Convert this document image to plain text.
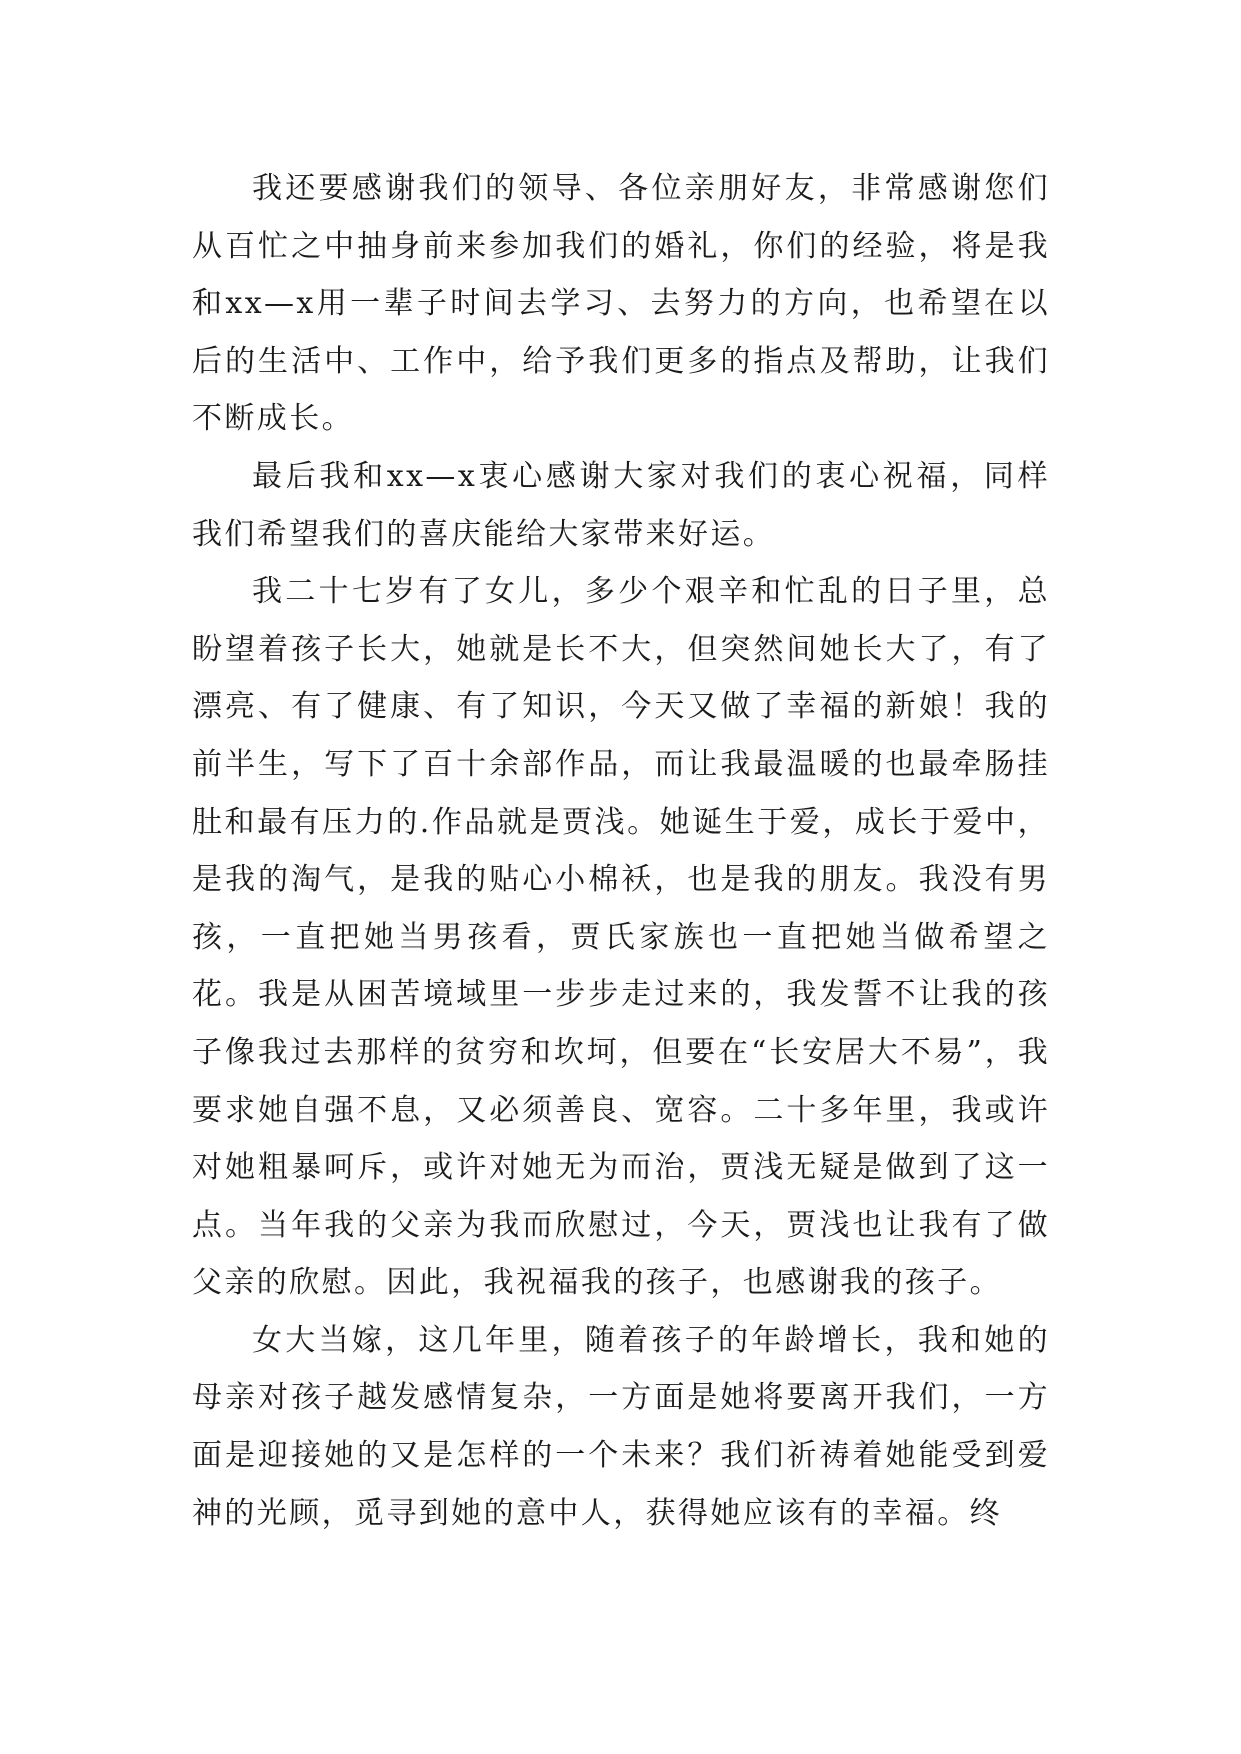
我还要感谢我们的领导、各位亲朋好友，非常感谢您们从百忙之中抽身前来参加我们的婚礼，你们的经验，将是我和xx—x用一辈子时间去学习、去努力的方向，也希望在以后的生活中、工作中，给予我们更多的指点及帮助，让我们不断成长。

最后我和xx—x衷心感谢大家对我们的衷心祝福，同样我们希望我们的喜庆能给大家带来好运。

我二十七岁有了女儿，多少个艰辛和忙乱的日子里，总盼望着孩子长大，她就是长不大，但突然间她长大了，有了漂亮、有了健康、有了知识，今天又做了幸福的新娘！我的前半生，写下了百十余部作品，而让我最温暖的也最牵肠挂肚和最有压力的.作品就是贾浅。她诞生于爱，成长于爱中，是我的淘气，是我的贴心小棉袄，也是我的朋友。我没有男孩，一直把她当男孩看，贾氏家族也一直把她当做希望之花。我是从困苦境域里一步步走过来的，我发誓不让我的孩子像我过去那样的贫穷和坎坷，但要在“长安居大不易”，我要求她自强不息，又必须善良、宽容。二十多年里，我或许对她粗暴呵斥，或许对她无为而治，贾浅无疑是做到了这一点。当年我的父亲为我而欣慰过，今天，贾浅也让我有了做父亲的欣慰。因此，我祝福我的孩子，也感谢我的孩子。

女大当嫁，这几年里，随着孩子的年龄增长，我和她的母亲对孩子越发感情复杂，一方面是她将要离开我们，一方面是迎接她的又是怎样的一个未来？我们祈祷着她能受到爱神的光顾，觅寻到她的意中人，获得她应该有的幸福。终
